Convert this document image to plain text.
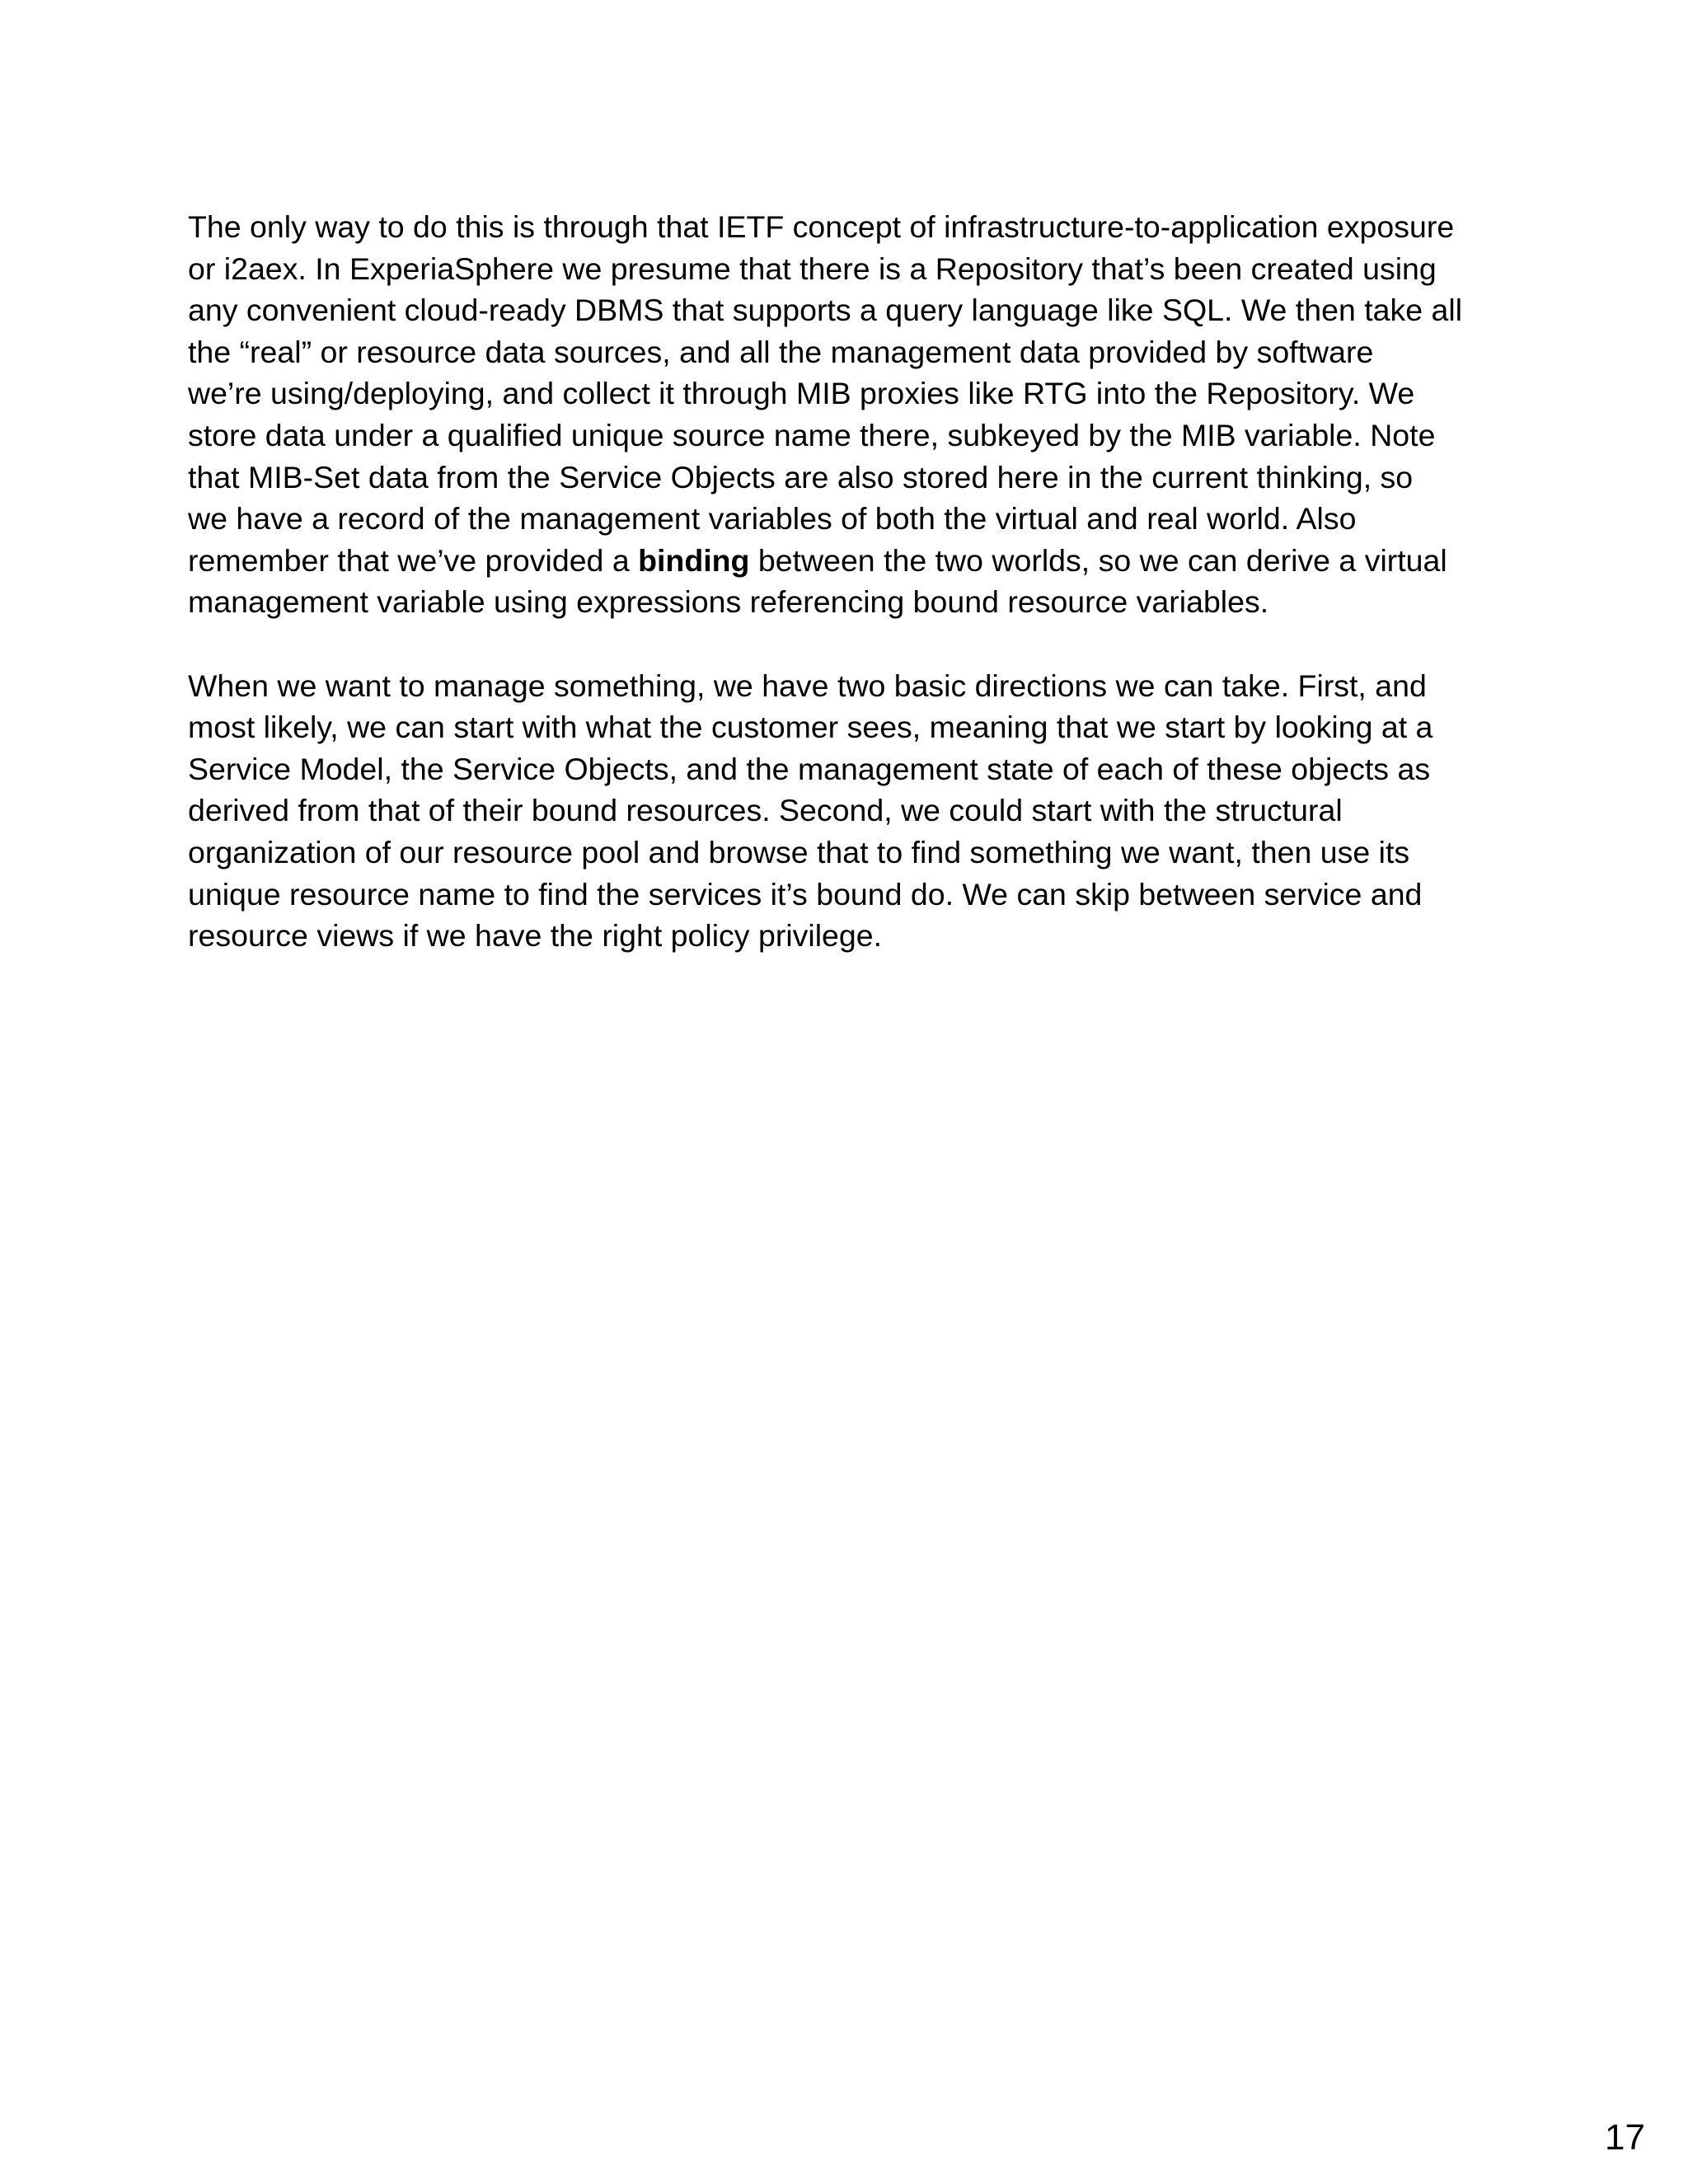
The only way to do this is through that IETF concept of infrastructure-to-application exposure
or i2aex. In ExperiaSphere we presume that there is a Repository that’s been created using
any convenient cloud-ready DBMS that supports a query language like SQL. We then take all
the “real” or resource data sources, and all the management data provided by software
we’re using/deploying, and collect it through MIB proxies like RTG into the Repository. We
store data under a qualified unique source name there, subkeyed by the MIB variable. Note
that MIB-Set data from the Service Objects are also stored here in the current thinking, so
we have a record of the management variables of both the virtual and real world. Also
remember that we’ve provided a binding between the two worlds, so we can derive a virtual
management variable using expressions referencing bound resource variables.

When we want to manage something, we have two basic directions we can take. First, and
most likely, we can start with what the customer sees, meaning that we start by looking at a
Service Model, the Service Objects, and the management state of each of these objects as
derived from that of their bound resources. Second, we could start with the structural
organization of our resource pool and browse that to find something we want, then use its
unique resource name to find the services it’s bound do. We can skip between service and
resource views if we have the right policy privilege.

17
